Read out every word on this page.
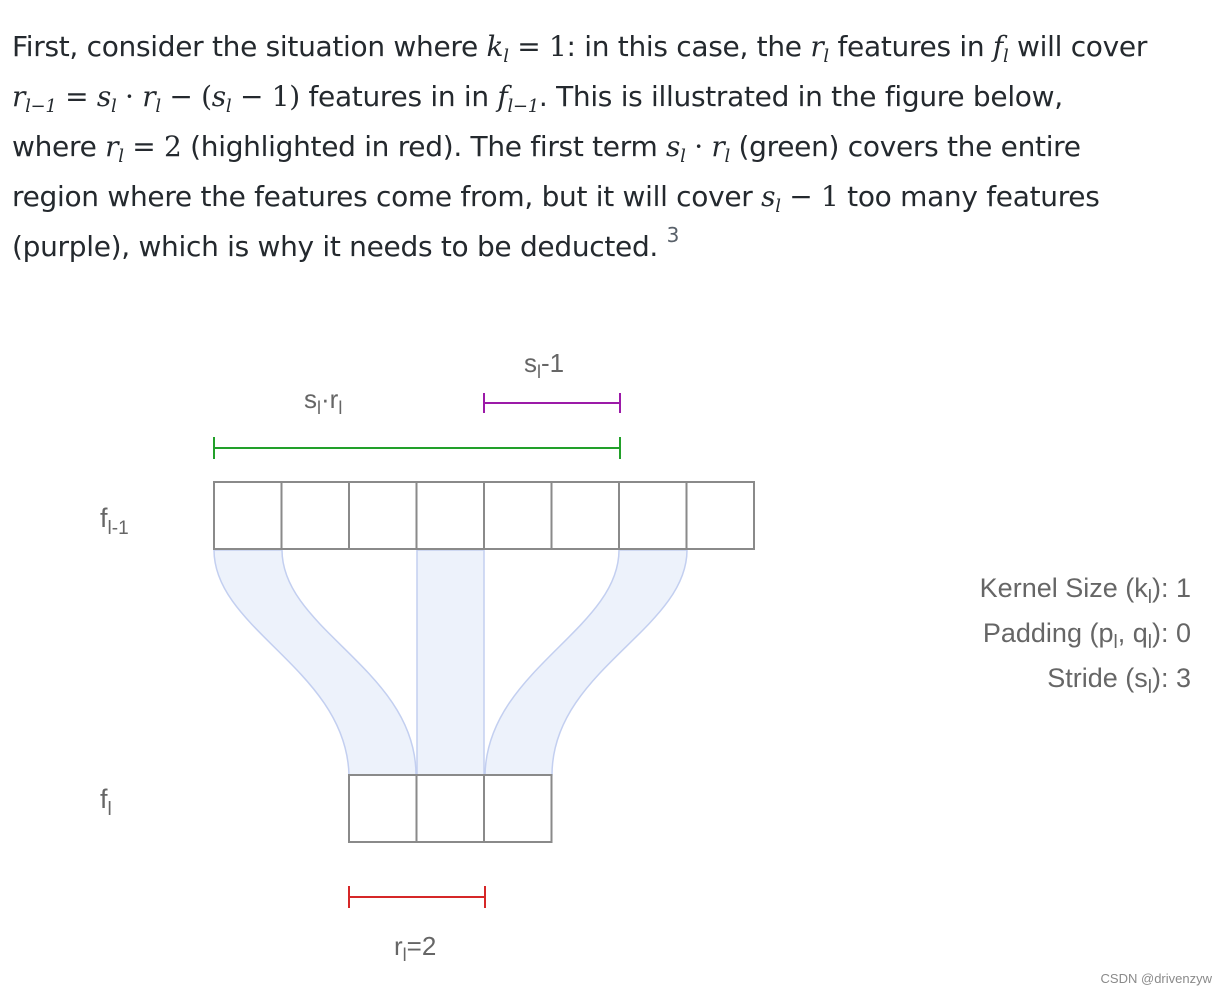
First, consider the situation where $k_l = 1$: in this case, the $r_l$ features in $f_l$ will cover
$r_{l-1} = s_l \cdot r_l - (s_l - 1)$ features in in $f_{l-1}$. This is illustrated in the figure below,
where $r_l = 2$ (highlighted in red). The first term $s_l \cdot r_l$ (green) covers the entire
region where the features come from, but it will cover $s_l - 1$ too many features
(purple), which is why it needs to be deducted. $^3$
$f_{l-1}$
$f_l$
$s_l\cdot r_l$
$s_l-1$
$r_l=2$
Kernel Size $(k_l)$: 1
Padding ($p_l$, $q_l$): 0
Stride $(s_l)$: 3
CSDN @drivenzyw
